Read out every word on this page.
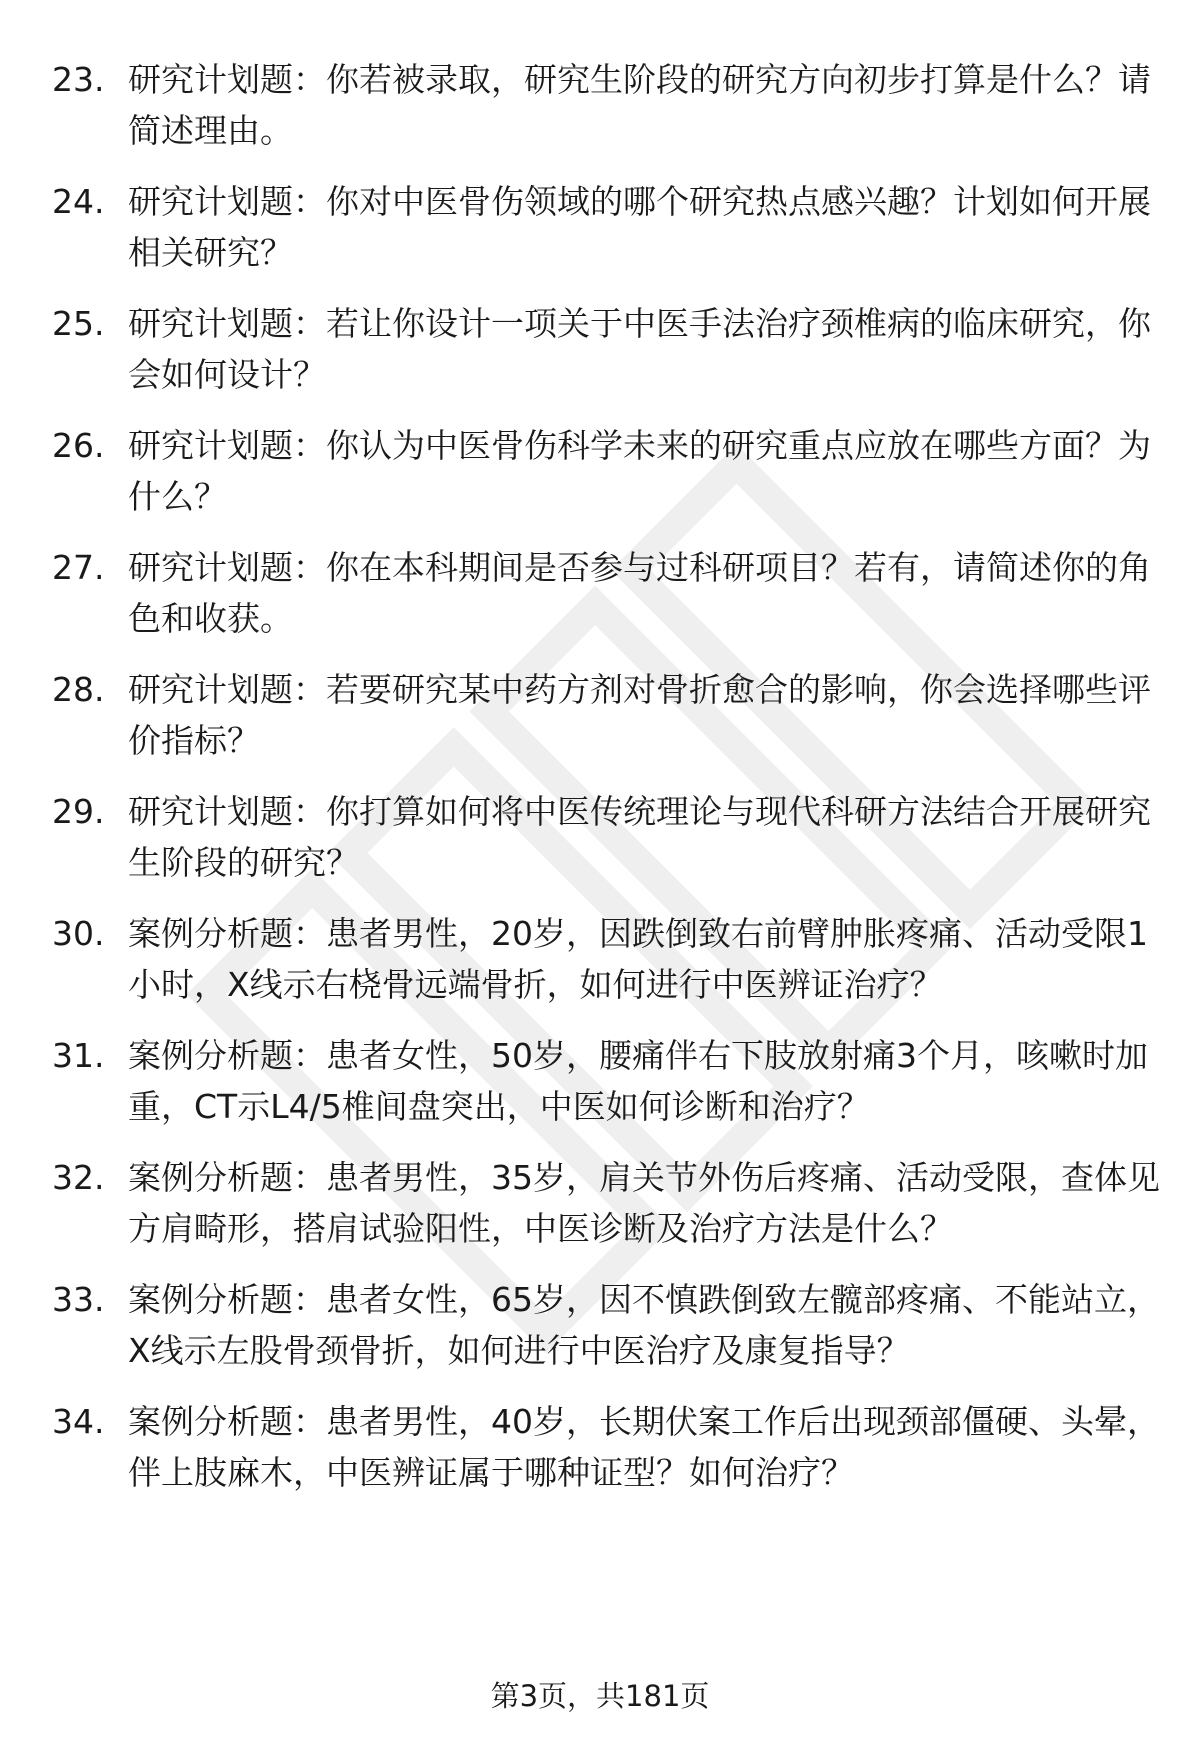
23. 研究计划题：你若被录取，研究生阶段的研究方向初步打算是什么？请简述理由。
24. 研究计划题：你对中医骨伤领域的哪个研究热点感兴趣？计划如何开展相关研究？
25. 研究计划题：若让你设计一项关于中医手法治疗颈椎病的临床研究，你会如何设计？
26. 研究计划题：你认为中医骨伤科学未来的研究重点应放在哪些方面？为什么？
27. 研究计划题：你在本科期间是否参与过科研项目？若有，请简述你的角色和收获。
28. 研究计划题：若要研究某中药方剂对骨折愈合的影响，你会选择哪些评价指标？
29. 研究计划题：你打算如何将中医传统理论与现代科研方法结合开展研究生阶段的研究？
30. 案例分析题：患者男性，20岁，因跌倒致右前臂肿胀疼痛、活动受限1小时，X线示右桡骨远端骨折，如何进行中医辨证治疗？
31. 案例分析题：患者女性，50岁，腰痛伴右下肢放射痛3个月，咳嗽时加重，CT示L4/5椎间盘突出，中医如何诊断和治疗？
32. 案例分析题：患者男性，35岁，肩关节外伤后疼痛、活动受限，查体见方肩畸形，搭肩试验阳性，中医诊断及治疗方法是什么？
33. 案例分析题：患者女性，65岁，因不慎跌倒致左髋部疼痛、不能站立，X线示左股骨颈骨折，如何进行中医治疗及康复指导？
34. 案例分析题：患者男性，40岁，长期伏案工作后出现颈部僵硬、头晕，伴上肢麻木，中医辨证属于哪种证型？如何治疗？
第3页，共181页
